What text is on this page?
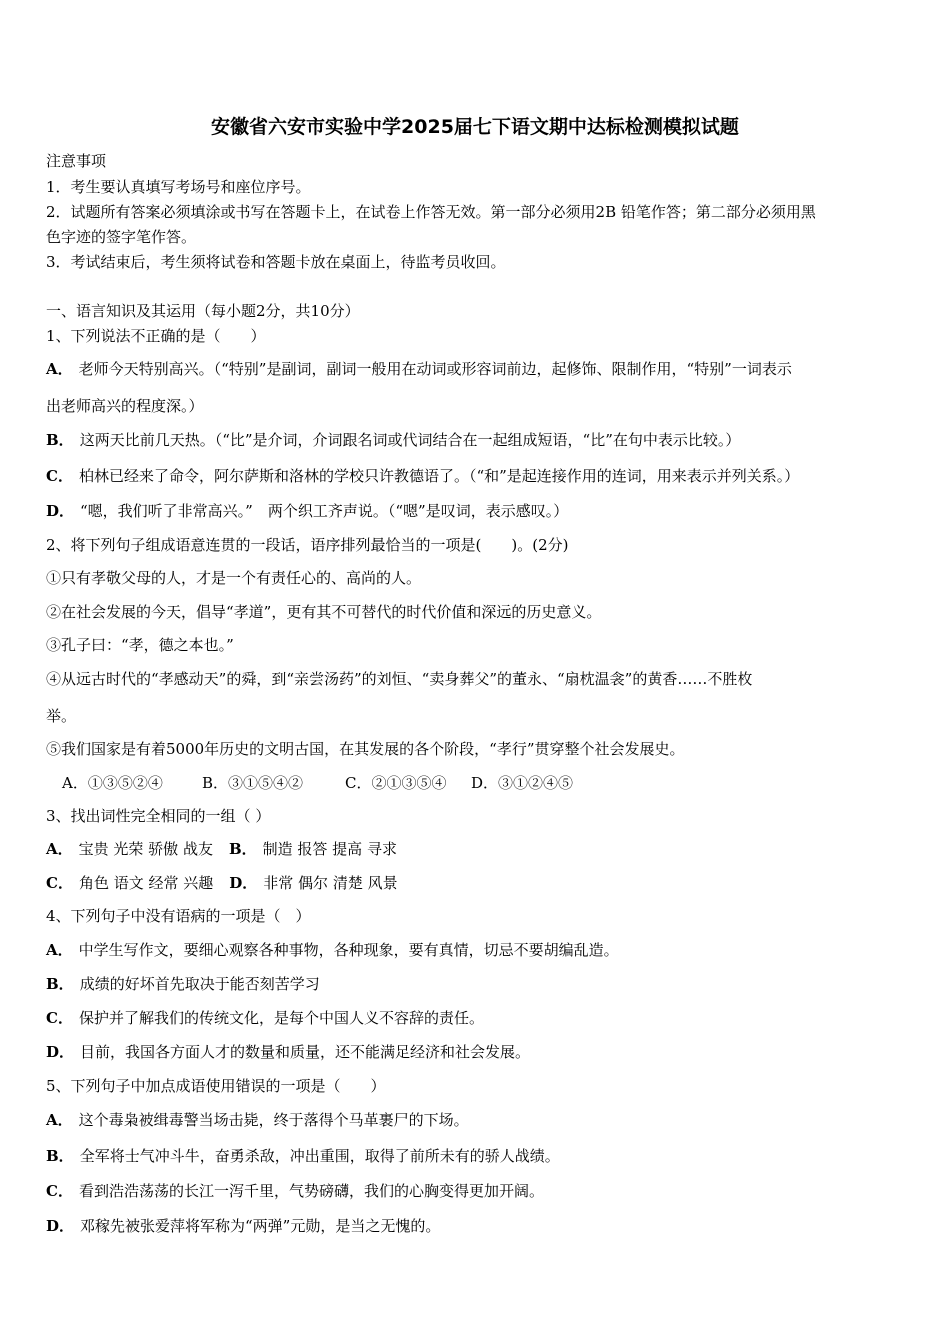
安徽省六安市实验中学2025届七下语文期中达标检测模拟试题
注意事项
1．考生要认真填写考场号和座位序号。
2．试题所有答案必须填涂或书写在答题卡上，在试卷上作答无效。第一部分必须用2B 铅笔作答；第二部分必须用黑
色字迹的签字笔作答。
3．考试结束后，考生须将试卷和答题卡放在桌面上，待监考员收回。
一、语言知识及其运用（每小题2分，共10分）
1、下列说法不正确的是（　　）
A． 老师今天特别高兴。（“特别”是副词，副词一般用在动词或形容词前边，起修饰、限制作用，“特别”一词表示
出老师高兴的程度深。）
B． 这两天比前几天热。（“比”是介词，介词跟名词或代词结合在一起组成短语，“比”在句中表示比较。）
C． 柏林已经来了命令，阿尔萨斯和洛林的学校只许教德语了。（“和”是起连接作用的连词，用来表示并列关系。）
D． “嗯，我们听了非常高兴。”　两个织工齐声说。（“嗯”是叹词，表示感叹。）
2、将下列句子组成语意连贯的一段话，语序排列最恰当的一项是(　　)。(2分)
①只有孝敬父母的人，才是一个有责任心的、高尚的人。
②在社会发展的今天，倡导“孝道”，更有其不可替代的时代价值和深远的历史意义。
③孔子曰：“孝，德之本也。”
④从远古时代的“孝感动天”的舜，到“亲尝汤药”的刘恒、“卖身葬父”的董永、“扇枕温衾”的黄香……不胜枚
举。
⑤我们国家是有着5000年历史的文明古国，在其发展的各个阶段，“孝行”贯穿整个社会发展史。
A．①③⑤②④	B．③①⑤④②	C．②①③⑤④ D．③①②④⑤
3、找出词性完全相同的一组（ ）
A． 宝贵 光荣 骄傲 战友 B． 制造 报答 提高 寻求
C． 角色 语文 经常 兴趣 D． 非常 偶尔 清楚 风景
4、下列句子中没有语病的一项是（　）
A． 中学生写作文，要细心观察各种事物，各种现象，要有真情，切忌不要胡编乱造。
B． 成绩的好坏首先取决于能否刻苦学习
C． 保护并了解我们的传统文化，是每个中国人义不容辞的责任。
D． 目前，我国各方面人才的数量和质量，还不能满足经济和社会发展。
5、下列句子中加点成语使用错误的一项是（　　）
A． 这个毒枭被缉毒警当场击毙，终于落得个马革裹尸的下场。
B． 全军将士气冲斗牛，奋勇杀敌，冲出重围，取得了前所未有的骄人战绩。
C． 看到浩浩荡荡的长江一泻千里，气势磅礴，我们的心胸变得更加开阔。
D． 邓稼先被张爱萍将军称为“两弹”元勋，是当之无愧的。
